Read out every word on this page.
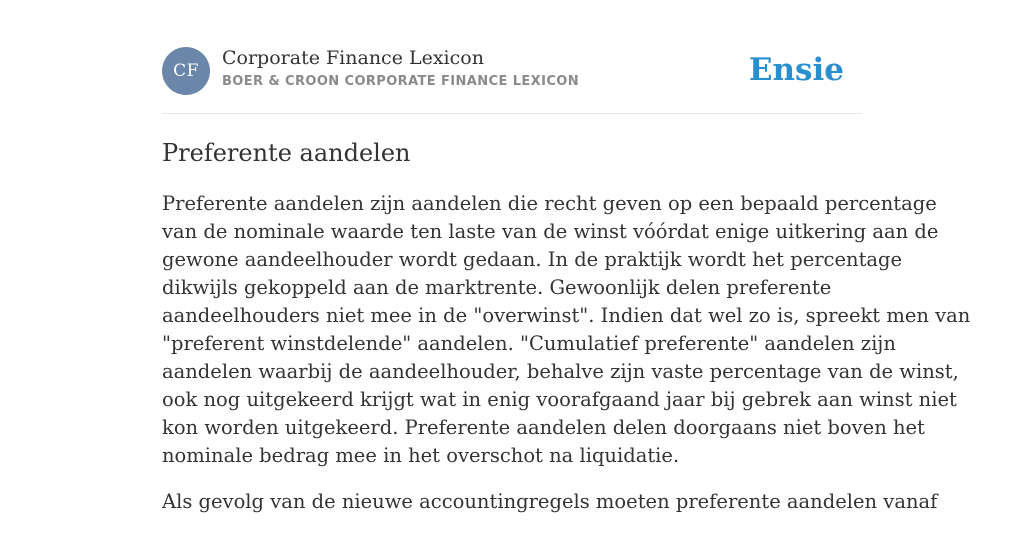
CF
Corporate Finance Lexicon
BOER & CROON CORPORATE FINANCE LEXICON	Ensie
Preferente aandelen

Preferente aandelen zijn aandelen die recht geven op een bepaald percentage
van de nominale waarde ten laste van de winst vóórdat enige uitkering aan de
gewone aandeelhouder wordt gedaan. In de praktijk wordt het percentage
dikwijls gekoppeld aan de marktrente. Gewoonlijk delen preferente
aandeelhouders niet mee in de "overwinst". Indien dat wel zo is, spreekt men van
"preferent winstdelende" aandelen. "Cumulatief preferente" aandelen zijn
aandelen waarbij de aandeelhouder, behalve zijn vaste percentage van de winst,
ook nog uitgekeerd krijgt wat in enig voorafgaand jaar bij gebrek aan winst niet
kon worden uitgekeerd. Preferente aandelen delen doorgaans niet boven het
nominale bedrag mee in het overschot na liquidatie.

Als gevolg van de nieuwe accountingregels moeten preferente aandelen vanaf
